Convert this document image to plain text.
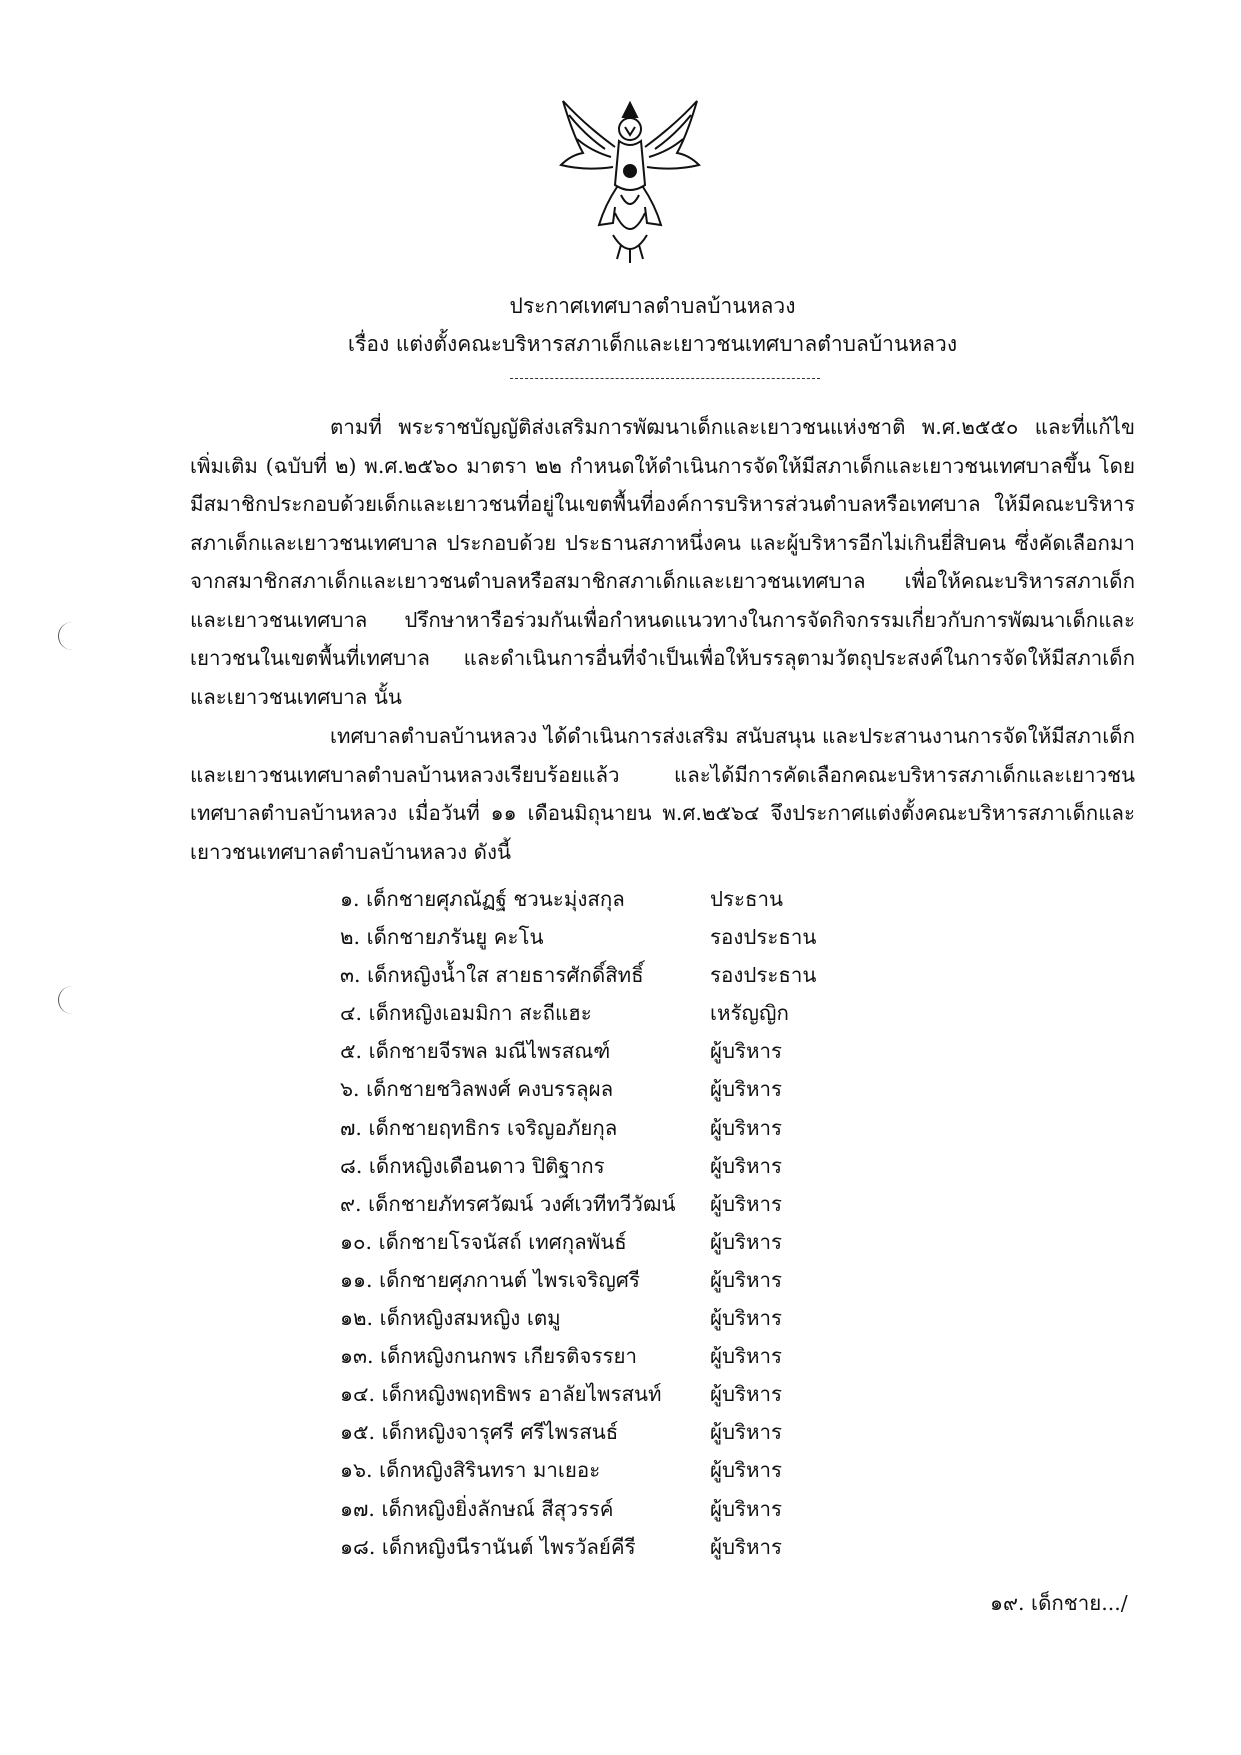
ประกาศเทศบาลตำบลบ้านหลวง
เรื่อง แต่งตั้งคณะบริหารสภาเด็กและเยาวชนเทศบาลตำบลบ้านหลวง
ตามที่ พระราชบัญญัติส่งเสริมการพัฒนาเด็กและเยาวชนแห่งชาติ พ.ศ.๒๕๕๐ และที่แก้ไขเพิ่มเติม (ฉบับที่ ๒) พ.ศ.๒๕๖๐ มาตรา ๒๒ กำหนดให้ดำเนินการจัดให้มีสภาเด็กและเยาวชนเทศบาลขึ้น โดยมีสมาชิกประกอบด้วยเด็กและเยาวชนที่อยู่ในเขตพื้นที่องค์การบริหารส่วนตำบลหรือเทศบาล ให้มีคณะบริหารสภาเด็กและเยาวชนเทศบาล ประกอบด้วย ประธานสภาหนึ่งคน และผู้บริหารอีกไม่เกินยี่สิบคน ซึ่งคัดเลือกมาจากสมาชิกสภาเด็กและเยาวชนตำบลหรือสมาชิกสภาเด็กและเยาวชนเทศบาล เพื่อให้คณะบริหารสภาเด็กและเยาวชนเทศบาล ปรึกษาหารือร่วมกันเพื่อกำหนดแนวทางในการจัดกิจกรรมเกี่ยวกับการพัฒนาเด็กและเยาวชนในเขตพื้นที่เทศบาล และดำเนินการอื่นที่จำเป็นเพื่อให้บรรลุตามวัตถุประสงค์ในการจัดให้มีสภาเด็กและเยาวชนเทศบาล นั้น
เทศบาลตำบลบ้านหลวง ได้ดำเนินการส่งเสริม สนับสนุน และประสานงานการจัดให้มีสภาเด็กและเยาวชนเทศบาลตำบลบ้านหลวงเรียบร้อยแล้ว และได้มีการคัดเลือกคณะบริหารสภาเด็กและเยาวชนเทศบาลตำบลบ้านหลวง เมื่อวันที่ ๑๑ เดือนมิถุนายน พ.ศ.๒๕๖๔ จึงประกาศแต่งตั้งคณะบริหารสภาเด็กและเยาวชนเทศบาลตำบลบ้านหลวง ดังนี้
๑. เด็กชายศุภณัฏฐ์ ชวนะมุ่งสกุล	ประธาน
๒. เด็กชายภรันยู คะโน	รองประธาน
๓. เด็กหญิงน้ำใส สายธารศักดิ์สิทธิ์	รองประธาน
๔. เด็กหญิงเอมมิกา สะถีแฮะ	เหรัญญิก
๕. เด็กชายจีรพล มณีไพรสณฑ์	ผู้บริหาร
๖. เด็กชายชวิลพงศ์ คงบรรลุผล	ผู้บริหาร
๗. เด็กชายฤทธิกร เจริญอภัยกุล	ผู้บริหาร
๘. เด็กหญิงเดือนดาว ปิติฐากร	ผู้บริหาร
๙. เด็กชายภัทรศวัฒน์ วงศ์เวทีทวีวัฒน์ ผู้บริหาร
๑๐. เด็กชายโรจนัสถ์ เทศกุลพันธ์	ผู้บริหาร
๑๑. เด็กชายศุภกานต์ ไพรเจริญศรี	ผู้บริหาร
๑๒. เด็กหญิงสมหญิง เตมู	ผู้บริหาร
๑๓. เด็กหญิงกนกพร เกียรติจรรยา	ผู้บริหาร
๑๔. เด็กหญิงพฤทธิพร อาลัยไพรสนท์ ผู้บริหาร
๑๕. เด็กหญิงจารุศรี ศรีไพรสนธ์	ผู้บริหาร
๑๖. เด็กหญิงสิรินทรา มาเยอะ	ผู้บริหาร
๑๗. เด็กหญิงยิ่งลักษณ์ สีสุวรรค์	ผู้บริหาร
๑๘. เด็กหญิงนีรานันต์ ไพรวัลย์คีรี	ผู้บริหาร
๑๙. เด็กชาย.../
